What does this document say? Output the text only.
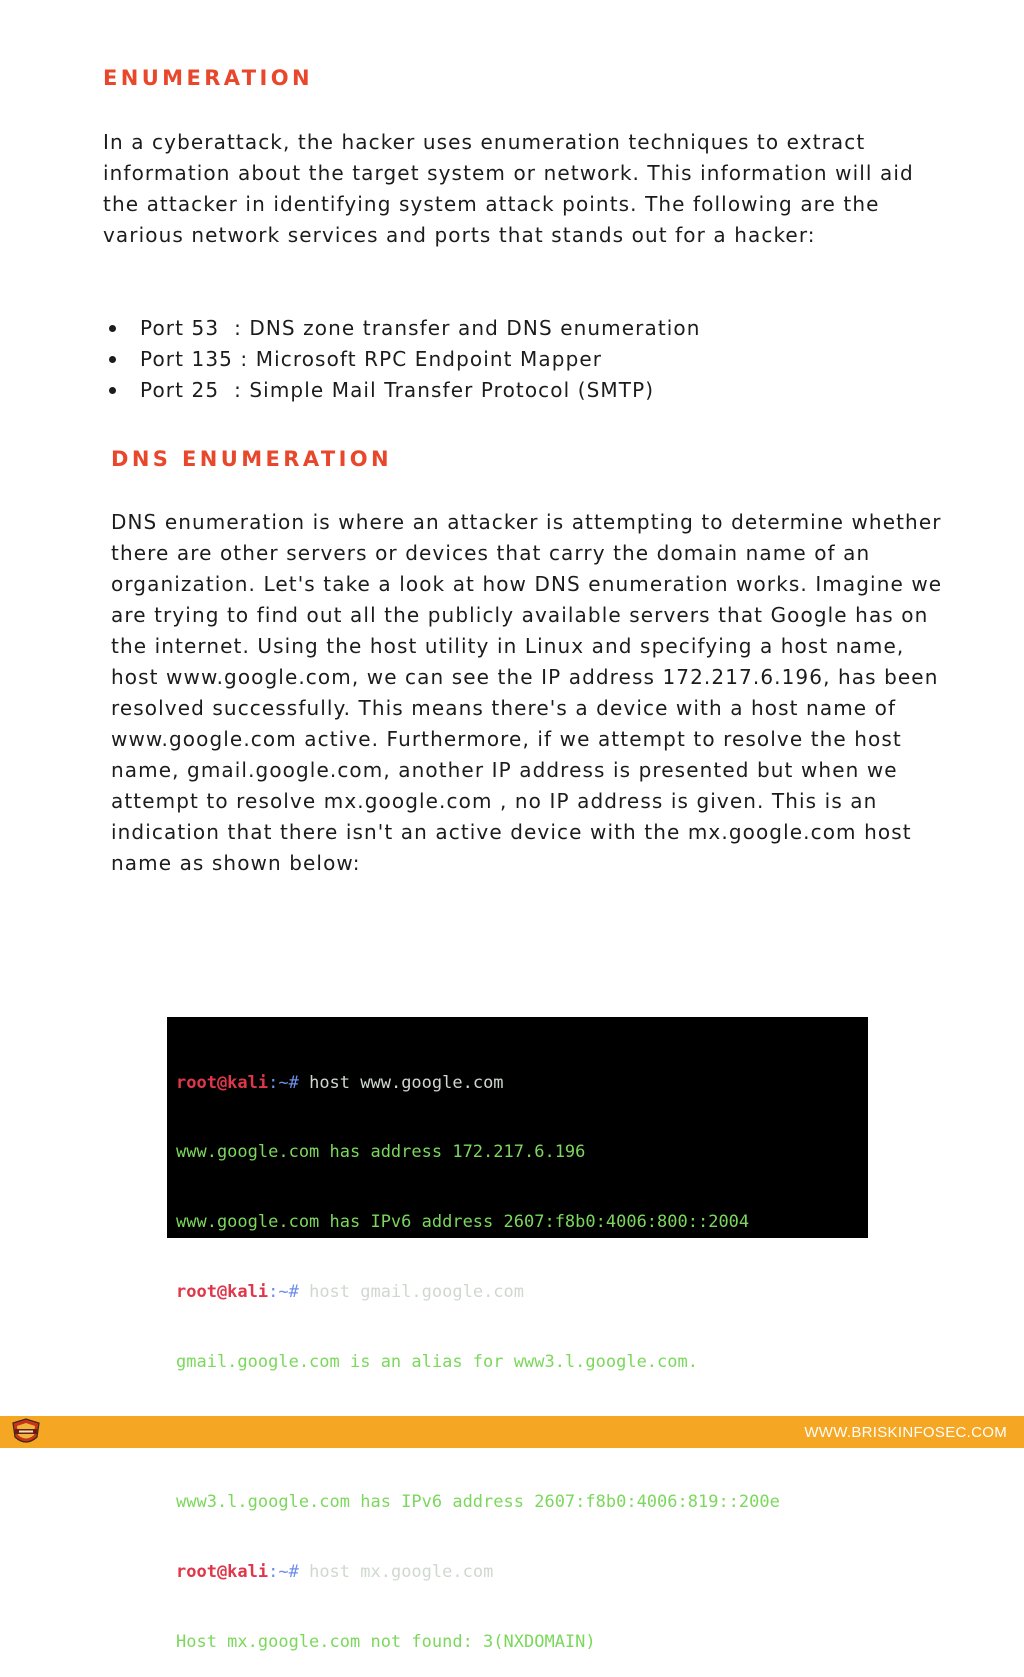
ENUMERATION

In a cyberattack, the hacker uses enumeration techniques to extract information about the target system or network. This information will aid the attacker in identifying system attack points. The following are the various network services and ports that stands out for a hacker:

Port 53  : DNS zone transfer and DNS enumeration
Port 135 : Microsoft RPC Endpoint Mapper
Port 25  : Simple Mail Transfer Protocol (SMTP)
DNS ENUMERATION

DNS enumeration is where an attacker is attempting to determine whether there are other servers or devices that carry the domain name of an organization. Let's take a look at how DNS enumeration works. Imagine we are trying to find out all the publicly available servers that Google has on the internet. Using the host utility in Linux and specifying a host name, host www.google.com, we can see the IP address 172.217.6.196, has been resolved successfully. This means there's a device with a host name of www.google.com active. Furthermore, if we attempt to resolve the host name, gmail.google.com, another IP address is presented but when we attempt to resolve mx.google.com , no IP address is given. This is an indication that there isn't an active device with the mx.google.com host name as shown below:

root@kali:~# host www.google.com

www.google.com has address 172.217.6.196

www.google.com has IPv6 address 2607:f8b0:4006:800::2004

root@kali:~# host gmail.google.com

gmail.google.com is an alias for www3.l.google.com.

www3.l.google.com has IPv6 address 2607:f8b0:4006:819::200e

root@kali:~# host mx.google.com

Host mx.google.com not found: 3(NXDOMAIN)

WWW.BRISKINFOSEC.COM
